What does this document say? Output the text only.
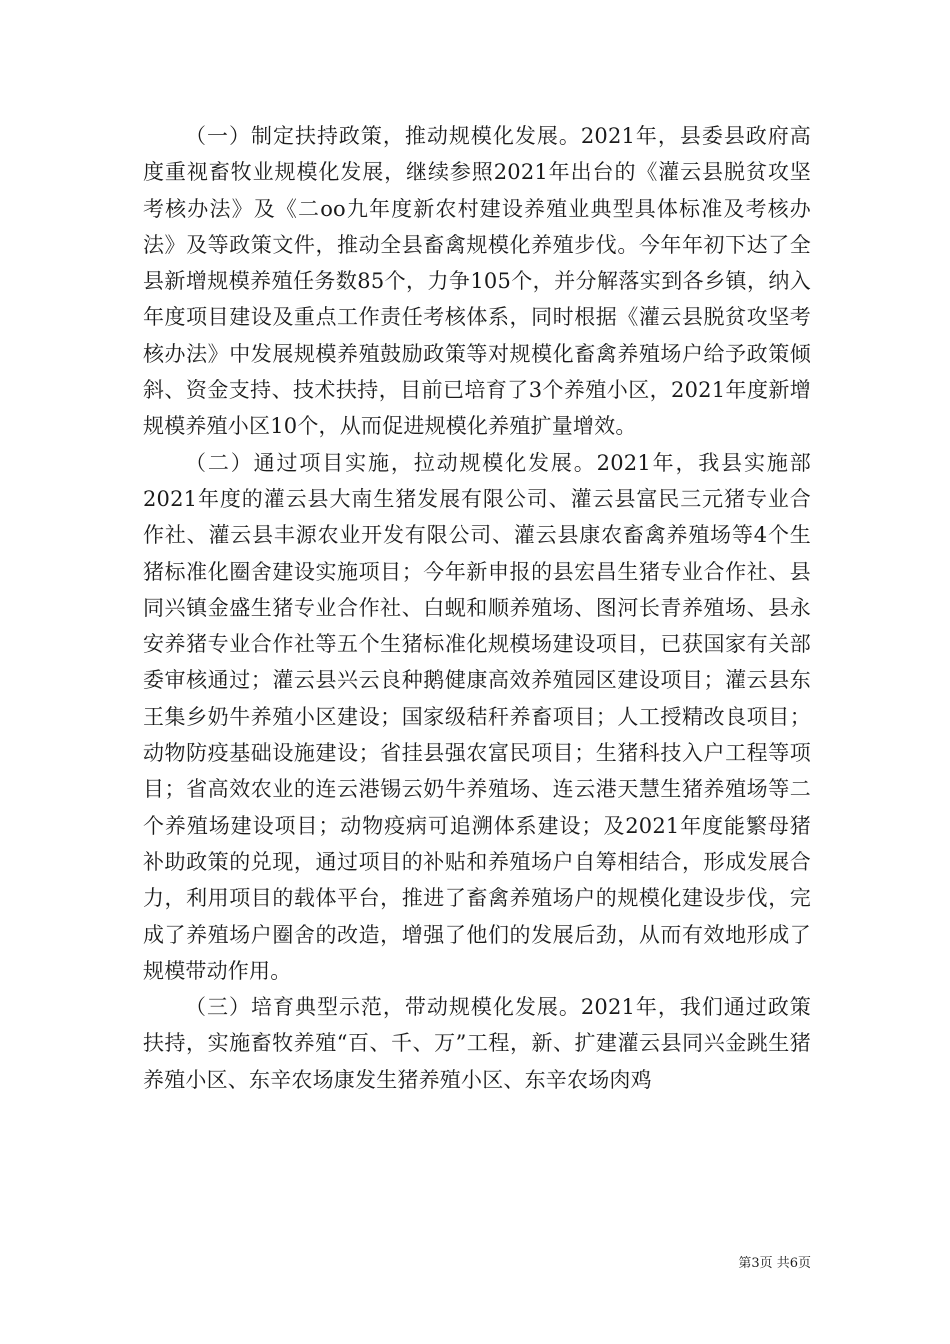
（一）制定扶持政策，推动规模化发展。2021年，县委县政府高度重视畜牧业规模化发展，继续参照2021年出台的《灌云县脱贫攻坚考核办法》及《二oo九年度新农村建设养殖业典型具体标准及考核办法》及等政策文件，推动全县畜禽规模化养殖步伐。今年年初下达了全县新增规模养殖任务数85个，力争105个，并分解落实到各乡镇，纳入年度项目建设及重点工作责任考核体系，同时根据《灌云县脱贫攻坚考核办法》中发展规模养殖鼓励政策等对规模化畜禽养殖场户给予政策倾斜、资金支持、技术扶持，目前已培育了3个养殖小区，2021年度新增规模养殖小区10个，从而促进规模化养殖扩量增效。

（二）通过项目实施，拉动规模化发展。2021年，我县实施部2021年度的灌云县大南生猪发展有限公司、灌云县富民三元猪专业合作社、灌云县丰源农业开发有限公司、灌云县康农畜禽养殖场等4个生猪标准化圈舍建设实施项目；今年新申报的县宏昌生猪专业合作社、县同兴镇金盛生猪专业合作社、白蚬和顺养殖场、图河长青养殖场、县永安养猪专业合作社等五个生猪标准化规模场建设项目，已获国家有关部委审核通过；灌云县兴云良种鹅健康高效养殖园区建设项目；灌云县东王集乡奶牛养殖小区建设；国家级秸秆养畜项目；人工授精改良项目；动物防疫基础设施建设；省挂县强农富民项目；生猪科技入户工程等项目；省高效农业的连云港锡云奶牛养殖场、连云港天慧生猪养殖场等二个养殖场建设项目；动物疫病可追溯体系建设；及2021年度能繁母猪补助政策的兑现，通过项目的补贴和养殖场户自筹相结合，形成发展合力，利用项目的载体平台，推进了畜禽养殖场户的规模化建设步伐，完成了养殖场户圈舍的改造，增强了他们的发展后劲，从而有效地形成了规模带动作用。

（三）培育典型示范，带动规模化发展。2021年，我们通过政策扶持，实施畜牧养殖“百、千、万”工程，新、扩建灌云县同兴金跳生猪养殖小区、东辛农场康发生猪养殖小区、东辛农场肉鸡

第3页 共6页
